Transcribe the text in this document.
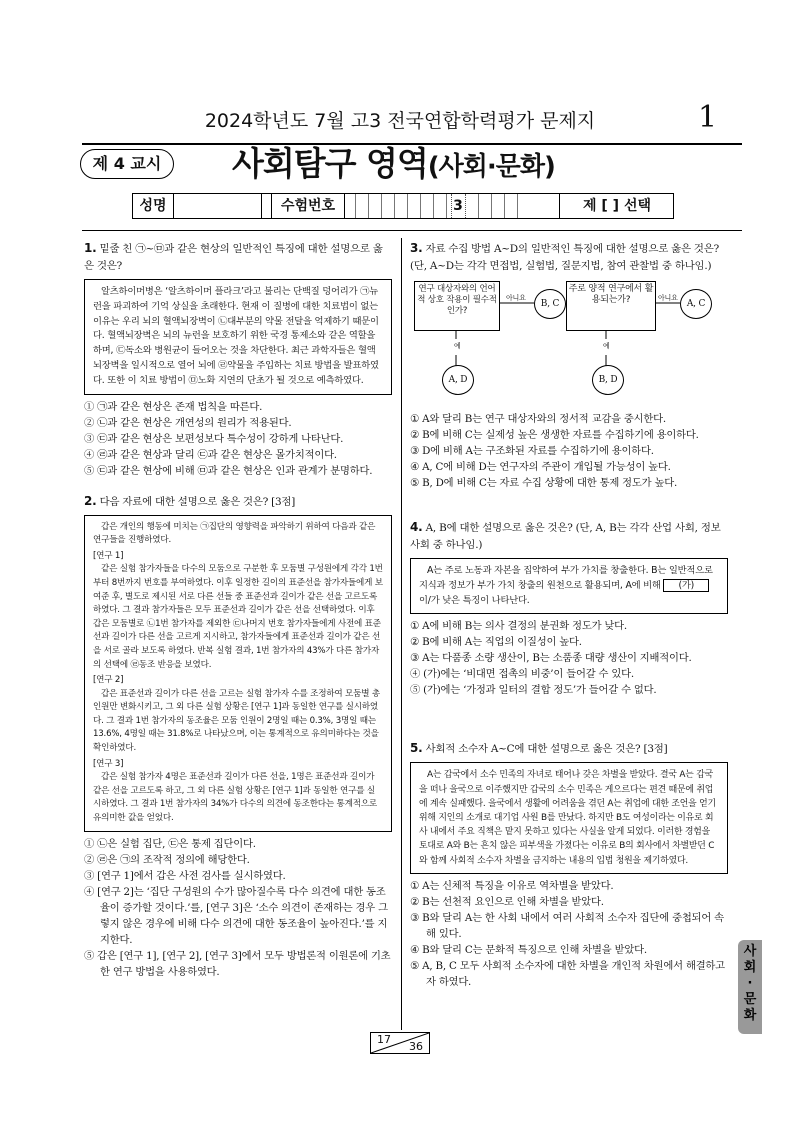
2024학년도 7월 고3 전국연합학력평가 문제지	1
제 4 교시	사회탐구 영역(사회·문화)
성명	수험번호	3	제 [ ] 선택
1. 밑줄 친 ㉠~㉤과 같은 현상의 일반적인 특징에 대한 설명으로 옳은 것은?

알츠하이머병은 ‘알츠하이머 플라크’라고 불리는 단백질 덩어리가 ㉠뉴런을 파괴하여 기억 상실을 초래한다. 현재 이 질병에 대한 치료법이 없는 이유는 우리 뇌의 혈액뇌장벽이 ㉡대부분의 약물 전달을 억제하기 때문이다. 혈액뇌장벽은 뇌의 뉴런을 보호하기 위한 국경 통제소와 같은 역할을 하며, ㉢독소와 병원균이 들어오는 것을 차단한다. 최근 과학자들은 혈액뇌장벽을 일시적으로 열어 뇌에 ㉣약물을 주입하는 치료 방법을 발표하였다. 또한 이 치료 방법이 ㉤노화 지연의 단초가 될 것으로 예측하였다.

① ㉠과 같은 현상은 존재 법칙을 따른다.
② ㉡과 같은 현상은 개연성의 원리가 적용된다.
③ ㉢과 같은 현상은 보편성보다 특수성이 강하게 나타난다.
④ ㉣과 같은 현상과 달리 ㉢과 같은 현상은 몰가치적이다.
⑤ ㉢과 같은 현상에 비해 ㉤과 같은 현상은 인과 관계가 분명하다.
2. 다음 자료에 대한 설명으로 옳은 것은? [3점]

갑은 개인의 행동에 미치는 ㉠집단의 영향력을 파악하기 위하여 다음과 같은 연구들을 진행하였다.

[연구 1]

같은 실험 참가자들을 다수의 모둠으로 구분한 후 모둠별 구성원에게 각각 1번부터 8번까지 번호를 부여하였다. 이후 일정한 길이의 표준선을 참가자들에게 보여준 후, 별도로 제시된 서로 다른 선들 중 표준선과 길이가 같은 선을 고르도록 하였다. 그 결과 참가자들은 모두 표준선과 길이가 같은 선을 선택하였다. 이후 갑은 모둠별로 ㉡1번 참가자를 제외한 ㉢나머지 번호 참가자들에게 사전에 표준선과 길이가 다른 선을 고르게 지시하고, 참가자들에게 표준선과 길이가 같은 선을 서로 골라 보도록 하였다. 반복 실험 결과, 1번 참가자의 43%가 다른 참가자의 선택에 ㉣동조 반응을 보였다.

[연구 2]

갑은 표준선과 길이가 다른 선을 고르는 실험 참가자 수를 조정하여 모둠별 총인원만 변화시키고, 그 외 다른 실험 상황은 [연구 1]과 동일한 연구를 실시하였다. 그 결과 1번 참가자의 동조율은 모둠 인원이 2명일 때는 0.3%, 3명일 때는 13.6%, 4명일 때는 31.8%로 나타났으며, 이는 통계적으로 유의미하다는 것을 확인하였다.

[연구 3]

갑은 실험 참가자 4명은 표준선과 길이가 다른 선을, 1명은 표준선과 길이가 같은 선을 고르도록 하고, 그 외 다른 실험 상황은 [연구 1]과 동일한 연구를 실시하였다. 그 결과 1번 참가자의 34%가 다수의 의견에 동조한다는 통계적으로 유의미한 값을 얻었다.

① ㉡은 실험 집단, ㉢은 통제 집단이다.
② ㉣은 ㉠의 조작적 정의에 해당한다.
③ [연구 1]에서 갑은 사전 검사를 실시하였다.
④ [연구 2]는 ‘집단 구성원의 수가 많아질수록 다수 의견에 대한 동조율이 증가할 것이다.’를, [연구 3]은 ‘소수 의견이 존재하는 경우 그렇지 않은 경우에 비해 다수 의견에 대한 동조율이 높아진다.’를 지지한다.
⑤ 갑은 [연구 1], [연구 2], [연구 3]에서 모두 방법론적 이원론에 기초한 연구 방법을 사용하였다.
3. 자료 수집 방법 A~D의 일반적인 특징에 대한 설명으로 옳은 것은? (단, A~D는 각각 면접법, 실험법, 질문지법, 참여 관찰법 중 하나임.)
연구 대상자와의 언어적 상호 작용이 필수적인가?
아니요
B, C
주로 양적 연구에서 활용되는가?	아니요
A, C
예	예
A, D	B, D
① A와 달리 B는 연구 대상자와의 정서적 교감을 중시한다.
② B에 비해 C는 실제성 높은 생생한 자료를 수집하기에 용이하다.
③ D에 비해 A는 구조화된 자료를 수집하기에 용이하다.
④ A, C에 비해 D는 연구자의 주관이 개입될 가능성이 높다.
⑤ B, D에 비해 C는 자료 수집 상황에 대한 통제 정도가 높다.
4. A, B에 대한 설명으로 옳은 것은? (단, A, B는 각각 산업 사회, 정보 사회 중 하나임.)

A는 주로 노동과 자본을 집약하여 부가 가치를 창출한다. B는 일반적으로 지식과 정보가 부가 가치 창출의 원천으로 활용되며, A에 비해 (가) 이/가 낮은 특징이 나타난다.

① A에 비해 B는 의사 결정의 분권화 정도가 낮다.
② B에 비해 A는 직업의 이질성이 높다.
③ A는 다품종 소량 생산이, B는 소품종 대량 생산이 지배적이다.
④ (가)에는 ‘비대면 접촉의 비중’이 들어갈 수 있다.
⑤ (가)에는 ‘가정과 일터의 결합 정도’가 들어갈 수 없다.
5. 사회적 소수자 A~C에 대한 설명으로 옳은 것은? [3점]

A는 갑국에서 소수 민족의 자녀로 태어나 갖은 차별을 받았다. 결국 A는 갑국을 떠나 을국으로 이주했지만 갑국의 소수 민족은 게으르다는 편견 때문에 취업에 계속 실패했다. 을국에서 생활에 어려움을 겪던 A는 취업에 대한 조언을 얻기 위해 지인의 소개로 대기업 사원 B를 만났다. 하지만 B도 여성이라는 이유로 회사 내에서 주요 직책은 맡지 못하고 있다는 사실을 알게 되었다. 이러한 경험을 토대로 A와 B는 흔치 않은 피부색을 가졌다는 이유로 B의 회사에서 차별받던 C와 함께 사회적 소수자 차별을 금지하는 내용의 입법 청원을 제기하였다.

① A는 신체적 특징을 이유로 역차별을 받았다.
② B는 선천적 요인으로 인해 차별을 받았다.
③ B와 달리 A는 한 사회 내에서 여러 사회적 소수자 집단에 중첩되어 속해 있다.
④ B와 달리 C는 문화적 특징으로 인해 차별을 받았다.
⑤ A, B, C 모두 사회적 소수자에 대한 차별을 개인적 차원에서 해결하고자 하였다.
사
회
·
문
화
17
36
